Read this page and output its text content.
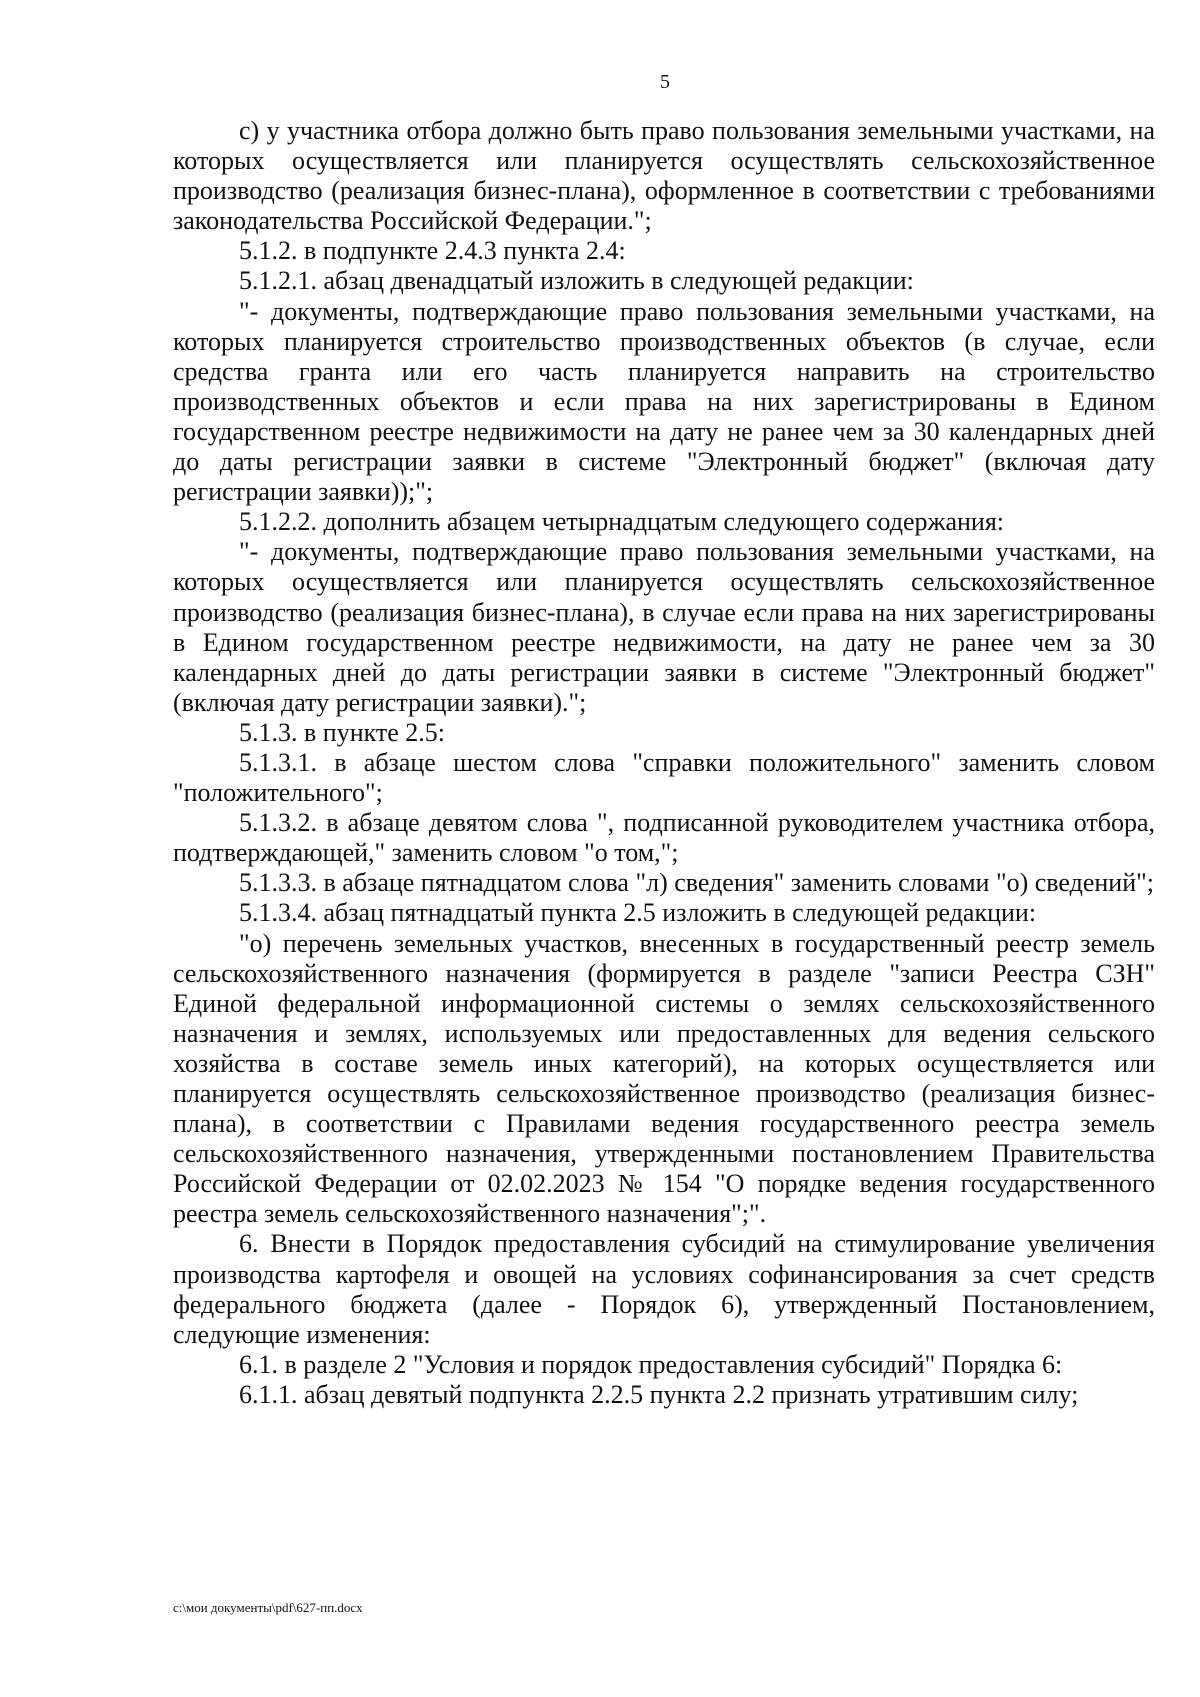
5

с) у участника отбора должно быть право пользования земельными участками, на которых осуществляется или планируется осуществлять сельскохозяйственное производство (реализация бизнес-плана), оформленное в соответствии с требованиями законодательства Российской Федерации.";

5.1.2. в подпункте 2.4.3 пункта 2.4:

5.1.2.1. абзац двенадцатый изложить в следующей редакции:

"- документы, подтверждающие право пользования земельными участками, на которых планируется строительство производственных объектов (в случае, если средства гранта или его часть планируется направить на строительство производственных объектов и если права на них зарегистрированы в Едином государственном реестре недвижимости на дату не ранее чем за 30 календарных дней до даты регистрации заявки в системе "Электронный бюджет" (включая дату регистрации заявки));";

5.1.2.2. дополнить абзацем четырнадцатым следующего содержания:

"- документы, подтверждающие право пользования земельными участками, на которых осуществляется или планируется осуществлять сельскохозяйственное производство (реализация бизнес-плана), в случае если права на них зарегистрированы в Едином государственном реестре недвижимости, на дату не ранее чем за 30 календарных дней до даты регистрации заявки в системе "Электронный бюджет" (включая дату регистрации заявки).";

5.1.3. в пункте 2.5:

5.1.3.1. в абзаце шестом слова "справки положительного" заменить словом "положительного";

5.1.3.2. в абзаце девятом слова ", подписанной руководителем участника отбора, подтверждающей," заменить словом "о том,";

5.1.3.3. в абзаце пятнадцатом слова "л) сведения" заменить словами "о) сведений";

5.1.3.4. абзац пятнадцатый пункта 2.5 изложить в следующей редакции:

"о) перечень земельных участков, внесенных в государственный реестр земель сельскохозяйственного назначения (формируется в разделе "записи Реестра СЗН" Единой федеральной информационной системы о землях сельскохозяйственного назначения и землях, используемых или предоставленных для ведения сельского хозяйства в составе земель иных категорий), на которых осуществляется или планируется осуществлять сельскохозяйственное производство (реализация бизнес-плана), в соответствии с Правилами ведения государственного реестра земель сельскохозяйственного назначения, утвержденными постановлением Правительства Российской Федерации от 02.02.2023 № 154 "О порядке ведения государственного реестра земель сельскохозяйственного назначения";".

6. Внести в Порядок предоставления субсидий на стимулирование увеличения производства картофеля и овощей на условиях софинансирования за счет средств федерального бюджета (далее - Порядок 6), утвержденный Постановлением, следующие изменения:

6.1. в разделе 2 "Условия и порядок предоставления субсидий" Порядка 6:

6.1.1. абзац девятый подпункта 2.2.5 пункта 2.2 признать утратившим силу;

c:\мои документы\pdf\627-пп.docx
